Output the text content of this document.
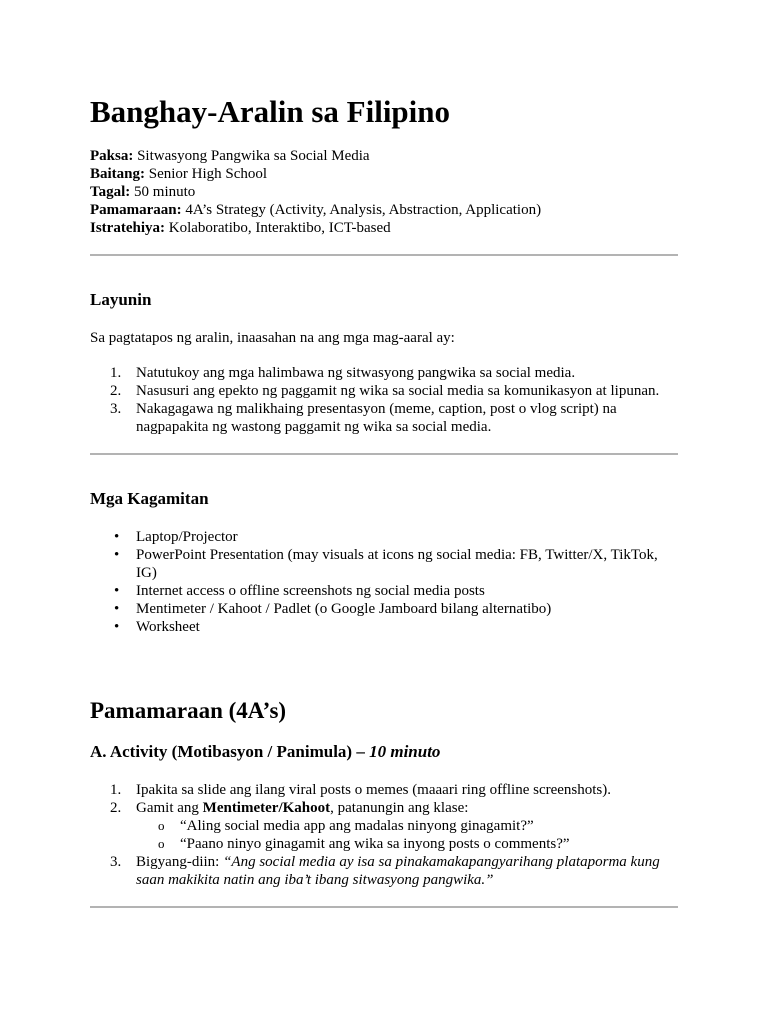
Banghay-Aralin sa Filipino
Paksa: Sitwasyong Pangwika sa Social Media
Baitang: Senior High School
Tagal: 50 minuto
Pamamaraan: 4A’s Strategy (Activity, Analysis, Abstraction, Application)
Istratehiya: Kolaboratibo, Interaktibo, ICT-based
Layunin

Sa pagtatapos ng aralin, inaasahan na ang mga mag-aaral ay:

1. Natutukoy ang mga halimbawa ng sitwasyong pangwika sa social media.
2. Nasusuri ang epekto ng paggamit ng wika sa social media sa komunikasyon at lipunan.
3. Nakagagawa ng malikhaing presentasyon (meme, caption, post o vlog script) na nagpapakita ng wastong paggamit ng wika sa social media.
Mga Kagamitan
• Laptop/Projector
• PowerPoint Presentation (may visuals at icons ng social media: FB, Twitter/X, TikTok, IG)
• Internet access o offline screenshots ng social media posts
• Mentimeter / Kahoot / Padlet (o Google Jamboard bilang alternatibo)
• Worksheet
Pamamaraan (4A’s)
A. Activity (Motibasyon / Panimula) – 10 minuto
1. Ipakita sa slide ang ilang viral posts o memes (maaari ring offline screenshots).
2. Gamit ang Mentimeter/Kahoot, patanungin ang klase:
o “Aling social media app ang madalas ninyong ginagamit?”
o “Paano ninyo ginagamit ang wika sa inyong posts o comments?”
3. Bigyang-diin: “Ang social media ay isa sa pinakamakapangyarihang plataporma kung saan makikita natin ang iba’t ibang sitwasyong pangwika.”
